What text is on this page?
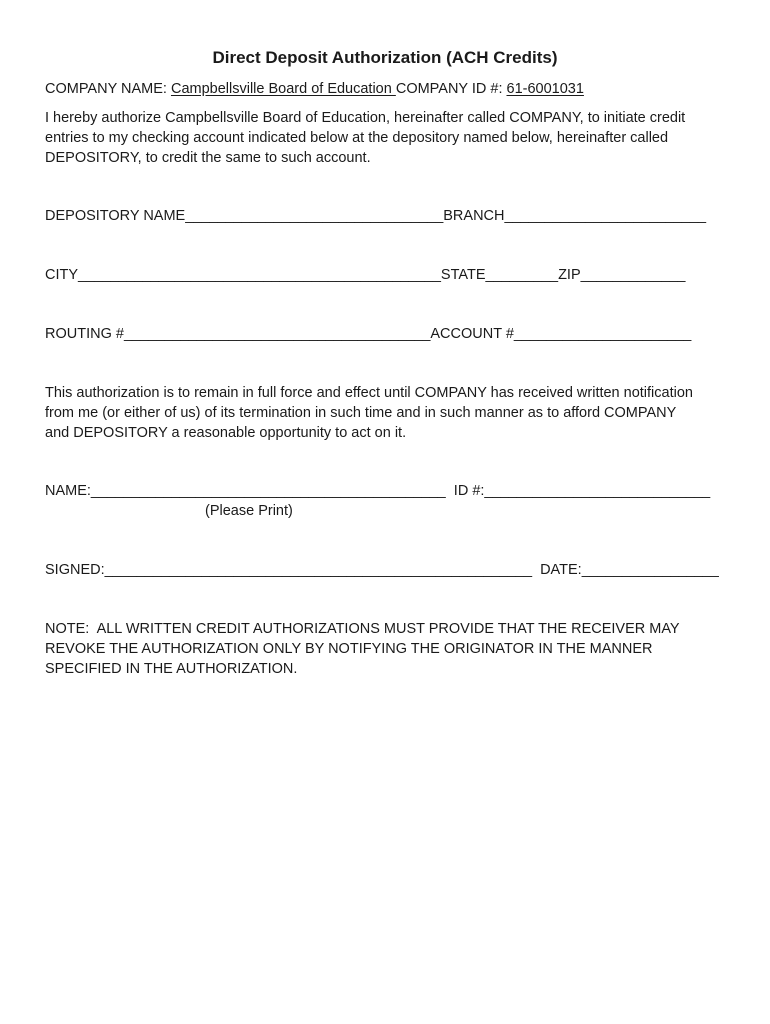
Direct Deposit Authorization (ACH Credits)
COMPANY NAME: Campbellsville Board of Education COMPANY ID #: 61-6001031
I hereby authorize Campbellsville Board of Education, hereinafter called COMPANY, to initiate credit
entries to my checking account indicated below at the depository named below, hereinafter called
DEPOSITORY, to credit the same to such account.
DEPOSITORY NAME________________________________BRANCH_________________________
CITY_____________________________________________STATE_________ZIP_____________
ROUTING #______________________________________ACCOUNT #______________________
This authorization is to remain in full force and effect until COMPANY has received written notification
from me (or either of us) of its termination in such time and in such manner as to afford COMPANY
and DEPOSITORY a reasonable opportunity to act on it.
NAME:____________________________________________  ID #:____________________________
(Please Print)
SIGNED:_____________________________________________________  DATE:_________________
NOTE:  ALL WRITTEN CREDIT AUTHORIZATIONS MUST PROVIDE THAT THE RECEIVER MAY
REVOKE THE AUTHORIZATION ONLY BY NOTIFYING THE ORIGINATOR IN THE MANNER
SPECIFIED IN THE AUTHORIZATION.
